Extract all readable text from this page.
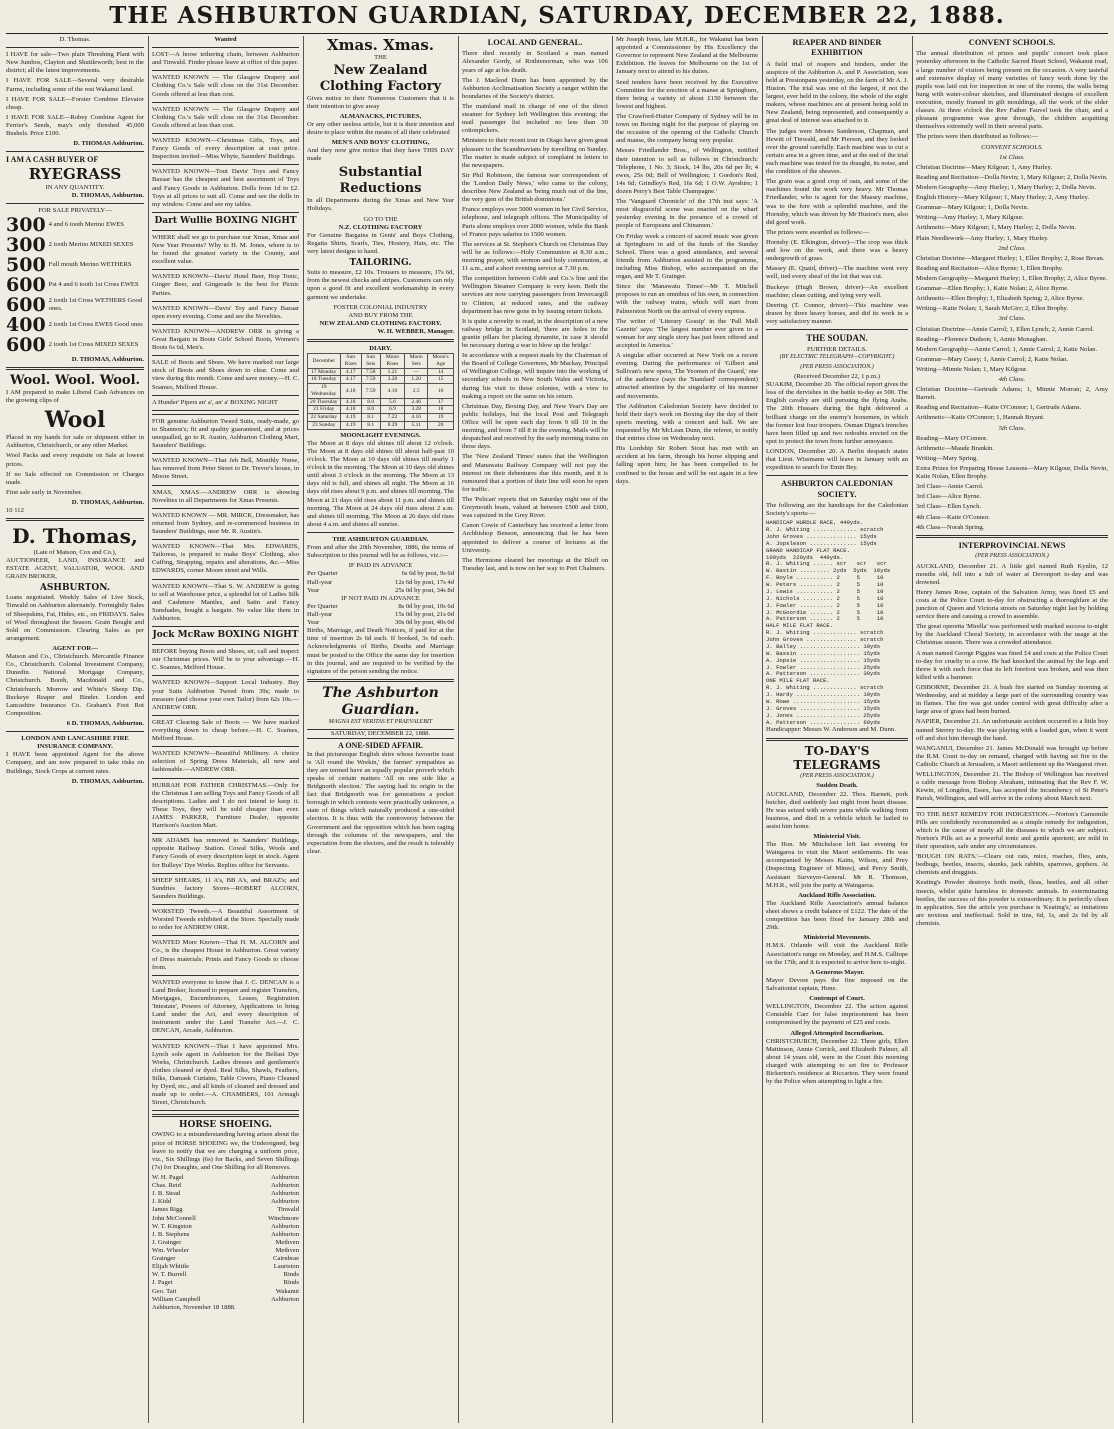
THE ASHBURTON GUARDIAN, SATURDAY, DECEMBER 22, 1888.
D. Thomas.

I HAVE for sale—Two plain Threshing Plant with New Jumbos, Clayton and Shuttleworth; best in the district; all the latest improvements.

I HAVE FOR SALE—Several very desirable Farms, including some of the rest Wakanui land.

I HAVE FOR SALE—Forster Combine Elevator cheap.

I HAVE FOR SALE—Robey Combine Agent for Ferrier's Seeds, may's only threshed 45,000 Bushels. Price £100.

D. THOMAS Ashburton.
I AM A CASH BUYER OF
RYEGRASS
IN ANY QUANTITY.
D. THOMAS, Ashburton.
FOR SALE PRIVATELY—
300 4 and 6 tooth Merino EWES
300 2 tooth Merino MIXED SEXES
500 Full mouth Merino WETHERS
600 Pst 4 and 6 tooth 1st Cross EWES
600 2 tooth 1st Cross WETHERS Good ones.
400 2 tooth 1st Cross EWES Good ones
600 2 tooth 1st Cross MIXED SEXES
D. THOMAS, Ashburton.
Wool. Wool. Wool.

I AM prepared to make Liberal Cash Advances on the growing clips of

Wool

Placed in my hands for sale or shipment either in Ashburton, Christchurch, or any other Market.

Wool Packs and every requisite on Sale at lowest prices.

If no Sale effected on Commission or Charges made.

First sale early in November.

D. THOMAS, Ashburton.
10 112
D. Thomas,
(Late of Matson, Cox and Co.),

AUCTIONEER, LAND, INSURANCE and ESTATE AGENT, VALUATOR, WOOL AND GRAIN BROKER,

ASHBURTON.

Loans negotiated. Weekly Sales of Live Stock, Tinwald on Ashburton alternately. Fortnightly Sales of Sheepskins, Fat, Hides, etc., on FRIDAYS. Sales of Wool throughout the Season. Grain Bought and Sold on Commission. Clearing Sales as per arrangement.

AGENT FOR—

Matson and Co., Christchurch. Mercantile Finance Co., Christchurch. Colonial Investment Company, Dunedin. National Mortgage Company, Christchurch. Booth, Macdonald and Co., Christchurch. Morrow and White's Sheep Dip. Buckeye Reaper and Binder. London and Lancashire Insurance Co. Graham's Foot Rot Composition.

6 D. THOMAS, Ashburton.
LONDON AND LANCASHIRE FIRE INSURANCE COMPANY.

I HAVE been appointed Agent for the above Company, and am now prepared to take risks on Buildings, Stock Crops at current rates.

D. THOMAS, Ashburton.
Wanted

LOST—A horse tethering chain, between Ashburton and Tinwald. Finder please leave at office of this paper.

WANTED KNOWN — The Glasgow Drapery and Clothing Co.'s Sale will close on the 31st December. Goods offered at less than cost.

WANTED KNOWN — The Glasgow Drapery and Clothing Co.'s Sale will close on the 31st December. Goods offered at less than cost.

WANTED KNOWN—Christmas Gifts, Toys, and Fancy Goods of every description at cost price. Inspection invited—Miss Whyte, Saunders' Buildings.

WANTED KNOWN—Tout Davis' Toys and Fancy Bazaar has the cheapest and best assortment of Toys and Fancy Goods in Ashburton. Dolls from 1d to £2. Toys at all prices to suit all. Come and see the dolls in my window. Come and see my tables.

Dart Wullie BOXING NIGHT

WHERE shall we go to purchase our Xmas, Xmas and New Year Presents? Why to H. M. Jones, where is to be found the greatest variety in the County, and excellent value.

WANTED KNOWN—Davis' Hotel Beer, Hop Tonic, Ginger Beer, and Gingerade is the best for Picnic Parties.

WANTED KNOWN—Davis' Toy and Fancy Bazaar open every evening. Come and see the Novelties.

WANTED KNOWN—ANDREW ORR is giving a Great Bargain in Boots Girls' School Boots, Women's Boots 6s 6d, Men's.

SALE of Boots and Shoes. We have marked our large stock of Boots and Shoes down to clear. Come and view during this month. Come and save money.—H. C. Soames, Melford House.

A Hunder' Pipers an' a', an' a' BOXING NIGHT

FOR genuine Ashburton Tweed Suits, ready-made, go to Shannon's; fit and quality guaranteed, and at prices unequalled, go to R. Austin, Ashburton Clothing Mart, Saunders' Buildings.

WANTED KNOWN—That Jeh Bell, Monthly Nurse, has removed from Peter Street to Dr. Trevor's house, in Moore Street.

XMAS, XMAS.—ANDREW ORR is showing Novelties in all Departments for Xmas Presents.

WANTED KNOWN — MR. MIRCK, Dressmaker, has returned from Sydney, and re-commenced business in Saunders' Buildings, near Mr. R. Austin's.

WANTED KNOWN—That Mrs. EDWARDS, Tailoress, is prepared to make Boys' Clothing, also Cuffing, Strapping, repairs and alterations, &c.—Miss EDWARDS, corner Moore street and Wills.

WANTED KNOWN—That S. W. ANDREW is going to sell at Warehouse price, a splendid lot of Ladies Silk and Cashmere Mantles, and Satin and Fancy Sunshades, bought a bargain. No value like them in Ashburton.

Jock McRaw BOXING NIGHT

BEFORE buying Boots and Shoes, sir, call and inspect our Christmas prices. Will be to your advantage.—H. C. Soames, Melford House.

WANTED KNOWN—Support Local Industry. Buy your Suits Ashburton Tweed from 39s; made to measure (and choose your own Tailor) from 62s 10s.—ANDREW ORR.

GREAT Clearing Sale of Boots — We have marked everything down to cheap before.—H. C. Soames, Melford House.

WANTED KNOWN—Beautiful Millinery. A choice selection of Spring Dress Materials, all new and fashionable.—ANDREW ORR.

HURRAH FOR FATHER CHRISTMAS.—Only for the Christmas I am selling Toys and Fancy Goods of all descriptions. Ladies and I do not intend to keep it. These Toys, they will be sold cheaper than ever. JAMES PARKER, Furniture Dealer, opposite Harrison's Auction Mart.

MR ADAMS has removed to Saunders' Buildings, opposite Railway Station. Cowal Silks, Wools and Fancy Goods of every description kept in stock. Agent for Bulleys' Dye Works. Replies office for Servants.

SHEEP SHEARS, 11 A's, BB A's, and BRAZ's; and Sundries factory Stores—ROBERT ALCORN, Saunders Buildings.

WORSTED Tweeds.—A Beautiful Assortment of Worsted Tweeds exhibited at the Store. Specially made to order for ANDREW ORR.

WANTED More Known—That H. M. ALCORN and Co., is the cheapest House in Ashburton. Great variety of Dress materials; Prints and Fancy Goods to choose from.

WANTED everyone to know that J. C. DENCAN is a Land Broker, licensed to prepare and register Transfers, Mortgages, Encumbrances, Leases, Registration 'Intestate', Powers of Attorney, Applications to bring Land under the Act, and every description of instrument under the Land Transfer Act.—J. C. DENCAN, Arcade, Ashburton.

WANTED KNOWN—That I have appointed Mrs. Lynch sole agent in Ashburton for the Belfast Dye Works, Christchurch. Ladies dresses and gentlemen's clothes cleaned or dyed. Real Silks, Shawls, Feathers, Silks, Damask Curtains, Table Covers, Piano Cleaned by Dyed, etc., and all kinds of cleaned and dressed and made up to order.—A. CHAMBERS, 101 Armagh Street, Christchurch.

HORSE SHOEING.

OWING to a misunderstanding having arisen about the price of HORSE SHOEING we, the Undersigned, beg leave to notify that we are charging a uniform price, viz., Six Shillings (6s) for Backs, and Seven Shillings (7s) for Draughts, and One Shilling for all Removes.

W. H. Pagel	Ashburton
Chas. Reid	Ashburton
J. B. Stead	Ashburton
J. Kidd	Ashburton
James Rigg	Tinwald
John McConnell	Winchmore
W. T. Kingston	Ashburton
J. B. Stephens	Ashburton
J. Grainger	Methven
Wm. Wheeler	Methven
Grainger	Cairnbrae
Elijah Whittle	Lauriston
W. T. Burrell	Rinds
J. Paget	Rinds
Geo. Tait	Wakanui
William Campbell	Ashburton
Ashburton, November 18 1888.
Xmas. Xmas.
THE
New Zealand Clothing Factory

Gives notice to their Numerous Customers that it is their intention to give away

ALMANACKS, PICTURES,

Or any other useless article, but it is their intention and desire to place within the means of all their celebrated

MEN'S AND BOYS' CLOTHING,

And they now give notice that they have THIS DAY made

Substantial Reductions

In all Departments during the Xmas and New Year Holidays.

GO TO THE
N.Z. CLOTHING FACTORY

For Genuine Bargains in Gents' and Boys Clothing, Regatta Shirts, Scarfs, Ties, Hosiery, Hats, etc. The very latest designs to hand.

TAILORING.

Suits to measure, £2 10s. Trousers to measure, 17s 6d, from the newest checks and stripes. Customers can rely upon a good fit and excellent workmanship in every garment we undertake.

FOSTER COLONIAL INDUSTRY
AND BUY FROM THE
NEW ZEALAND CLOTHING FACTORY.
W. H. WEBBER, Manager.
DIARY.
December	Sun Rises	Sun Sets	Moon Rises	Moon Sets	Moon's Age
17 Monday	4.17	7.58	1.21	—	14
18 Tuesday	4.17	7.59	3.20	1.20	15
19 Wednesday	4.18	7.59	4.10	2.5	16
20 Thursday	4.18	8.0	5.6	2.46	17
21 Friday	4.18	8.0	6.9	3.28	18
22 Saturday	4.19	8.1	7.22	4.16	19
23 Sunday	4.19	8.1	8.29	5.11	20
MOONLIGHT EVENINGS.

The Moon at 8 days old shines till about 12 o'clock. The Moon at 8 days old shines till about half-past 10 o'clock. The Moon at 10 days old shines till nearly 1 o'clock in the morning. The Moon at 10 days old shines until about 3 o'clock in the morning. The Moon at 13 days old is full, and shines all night. The Moon at 16 days old rises about 9 p.m. and shines till morning. The Moon at 21 days old rises about 11 p.m. and shines till morning. The Moon at 24 days old rises about 2 a.m. and shines till morning. The Moon at 26 days old rises about 4 a.m. and shines all sunrise.

THE ASHBURTON GUARDIAN.

From and after the 20th November, 1886, the terms of Subscription to this journal will be as follows, viz.:—

IF PAID IN ADVANCE
Per Quarter	6s 6d by post, 9s 6d
Half-year	12s 6d by post, 17s 4d
Year	25s 0d by post, 34s 8d
IF NOT PAID IN ADVANCE
Per Quarter	8s 0d by post, 10s 6d
Half-year	15s 0d by post, 21s 0d
Year	30s 0d by post, 40s 0d

Births, Marriage, and Death Notices, if paid for at the time of insertion 2s 6d each. If booked, 3s 6d each. Acknowledgments of Births, Deaths and Marriage must be posted to the Office the same day for insertion in this journal, and are required to be verified by the signature of the person sending the notice.

The Ashburton Guardian.
MAGNA EST VERITAS ET PRAEVALEBIT
SATURDAY, DECEMBER 22, 1888.
A ONE-SIDED AFFAIR.

In that picturesque English shire whose favourite toast is 'All round the Wrekin,' the farmer' sympathies as they are termed have an equally popular proverb which speaks of certain matters 'All on one side like a Bridgnorth election.' The saying had its origin in the fact that Bridgnorth was for generations a pocket borough in which contests were practically unknown, a state of things which naturally produced a one-sided election. It is thus with the controversy between the Government and the opposition which has been raging through the columns of the newspapers, and the expectation from the electors, and the result is tolerably clear.

LOCAL AND GENERAL.

There died recently in Scotland a man named Alexander Gordy, of Rothienorman, who was 106 years of age at his death.

The J. Macleod Dunn has been appointed by the Ashburton Acclimatisation Society a ranger within the boundaries of the Society's district.

The mainland mail in charge of one of the direct steamer for Sydney left Wellington this evening; the mail passenger list included no less than 30 cottonpickers.

Ministers to their recent tour in Otago have given great pleasure to the Scandinavians by travelling on Sunday. The matter is made subject of complaint in letters to the newspapers.

Sir Phil Robinson, the famous war correspondent of the 'London Daily News,' who came to the colony, describes New Zealand as 'being much out of the line, the very gem of the British dominions.'

France employs over 5000 women in her Civil Service, telephone, and telegraph offices. The Municipality of Paris alone employs over 2000 women, while the Bank of France pays salaries to 1500 women.

The services at St. Stephen's Church on Christmas Day will be as follows:—Holy Communion at 8.30 a.m.; morning prayer, with sermon and holy communion, at 11 a.m., and a short evening service at 7.30 p.m.

The competition between Cobb and Co.'s line and the Wellington Steamer Company is very keen. Both the services are now carrying passengers from Invercargill to Clinton, at reduced rates, and the railway department has now gone in by issuing return tickets.

It is quite a novelty to read, in the description of a new railway bridge in Scotland, 'there are holes in the granite pillars for placing dynamite, in case it should be necessary during a war to blow up the bridge.'

In accordance with a request made by the Chairman of the Board of College Governors, Mr Mackay, Principal of Wellington College, will inquire into the working of secondary schools in New South Wales and Victoria, during his visit to those colonies, with a view to making a report on the same on his return.

Christmas Day, Boxing Day, and New Year's Day are public holidays, but the local Post and Telegraph Office will be open each day from 9 till 10 in the morning, and from 7 till 8 in the evening. Mails will be despatched and received by the early morning trains on those days.

The 'New Zealand Times' states that the Wellington and Manawatu Railway Company will not pay the interest on their debentures due this month, and it is rumoured that a portion of their line will soon be open for traffic.

The 'Pelican' reports that on Saturday night one of the Greymouth boats, valued at between £500 and £600, was capsized in the Grey River.

Canon Cowie of Canterbury has received a letter from Archbishop Benson, announcing that he has been appointed to deliver a course of lectures at the University.

The Hermione cleared her moorings at the Bluff on Tuesday last, and is now on her way to Port Chalmers.

Mr Joseph Ivess, late M.H.R., for Wakanui has been appointed a Commissioner by His Excellency the Governor to represent New Zealand at the Melbourne Exhibition. He leaves for Melbourne on the 1st of January next to attend to his duties.

Seed tenders have been received by the Executive Committee for the erection of a manse at Springburn, there being a variety of about £150 between the lowest and highest.

The Crawford-Hutter Company of Sydney will be in town on Boxing night for the purpose of playing on the occasion of the opening of the Catholic Church and manse, the company being very popular.

Messrs Friedlander Bros., of Wellington, notified their intention to sell as follows in Christchurch: 'Telephone, 1 No. 3; Stock, 14 lbs, 20s 6d per lb; 4 ewes, 25s 0d; Bell of Wellington; 1 Gordon's Red, 14s 6d; Grindley's Red, 16s 6d; 1 O.W. Ayrshire; 1 dozen Perry's Best Table Champagne.'

The 'Vanguard Chronicle' of the 17th inst says: 'A most disgraceful scene was enacted on the wharf yesterday evening in the presence of a crowd of people of Europeans and Chinamen.'

On Friday week a concert of sacred music was given at Springburn in aid of the funds of the Sunday School. There was a good attendance, and several friends from Ashburton assisted in the programme, including Miss Bishop, who accompanied on the organ, and Mr T. Grainger.

Since the 'Manawatu Times'—Mr T. Mitchell proposes to run an omnibus of his own, in connection with the railway trains, which will start from Palmerston North on the arrival of every express.

The writer of 'Literary Gossip' in the 'Pall Mall Gazette' says: 'The largest number ever given to a woman for any single story has just been offered and accepted in America.'

A singular affair occurred at New York on a recent evening. During the performance of 'Gilbert and Sullivan's new opera, The Yeomen of the Guard,' one of the audience (says the 'Standard' correspondent) attracted attention by the singularity of his manner and movements.

The Ashburton Caledonian Society have decided to hold their day's work on Boxing day the day of their sports meeting, with a concert and ball. We are requested by Mr McLean Dunn, the referee, to notify that entries close on Wednesday next.

His Lordship Sir Robert Stout has met with an accident at his farm, through his horse slipping and falling upon him; he has been compelled to be confined to the house and will be out again in a few days.

REAPER AND BINDER EXHIBITION

A field trial of reapers and binders, under the auspices of the Ashburton A. and P. Association, was held at Prestonpans yesterday, on the farm of Mr A. J. Huston. The trial was one of the largest, if not the largest, ever held in the colony, the whole of the eight makers, whose machines are at present being sold in New Zealand, being represented, and consequently a great deal of interest was attached to it.

The judges were Messrs Sanderson, Chapman, and Hewitt of Tinwald, and Mr Pierson, and they looked over the ground carefully. Each machine was to cut a certain area in a given time, and at the end of the trial each machine was tested for its draught, its noise, and the condition of the sheaves.

The grain was a good crop of oats, and some of the machines found the work very heavy. Mr Thomas Friedlander, who is agent for the Massey machine, was to the fore with a splendid machine, and the Hornsby, which was driven by Mr Huston's men, also did good work.

The prizes were awarded as follows:—

Hornsby (E. Elkington, driver)—The crop was thick and low on the work, and there was a heavy undergrowth of grass.

Massey (E. Quaid, driver)—The machine went very well, tied every sheaf of the lot that was cut.

Buckeye (Hugh Brown, driver)—An excellent machine; clean cutting, and tying very well.

Deering (T. Connor, driver)—This machine was drawn by three heavy horses, and did its work in a very satisfactory manner.

THE SOUDAN.
FURTHER DETAILS.
(BY ELECTRIC TELEGRAPH—COPYRIGHT.)
(PER PRESS ASSOCIATION.)
(Received December 22, 1 p.m.)

SUAKIM, December 20. The official report gives the loss of the dervishes in the battle to-day as 500. The English cavalry are still pursuing the flying Arabs. The 20th Hussars during the fight delivered a brilliant charge on the enemy's horsemen, in which the former lost four troopers. Osman Digna's trenches have been filled up and two redoubts erected on the spot to protect the town from further annoyance.

LONDON, December 20. A Berlin despatch states that Lieut. Wissmann will leave in January with an expedition to search for Emin Bey.

ASHBURTON CALEDONIAN SOCIETY.

The following are the handicaps for the Caledonian Society's sports:—

HANDICAP HURDLE RACE, 440yds.
R. J. Whiting ............. scratch
John Groves ............... 15yds
A. Jopsleson .............. 15yds
GRAND HANDICAP FLAT RACE.
100yds  220yds  440yds.
R. J. Whiting ...... scr   scr   scr
W. Bastin ......... 2yds  5yds  10yds
F. Boyle ........... 2     5     10
W. Peters .......... 2     5     10
J. Lewis ........... 2     5     10
J. Nichols ......... 2     5     10
J. Fowler .......... 2     5     10
J. McGoordie ....... 2     5     10
A. Patterson ....... 2     5     10
HALF MILE FLAT RACE.
R. J. Whiting ............. scratch
John Groves ............... scratch
J. Balley .................. 10yds
W. Bassin .................. 15yds
A. Jopsie .................. 15yds
J. Fowler .................. 25yds
A. Patterson ............... 30yds
ONE MILE FLAT RACE.
R. J. Whiting ............. scratch
J. Hardy ................... 10yds
W. Rowe .................... 15yds
J. Groves .................. 15yds
J. Jones ................... 25yds
A. Patterson ............... 60yds

Handicapper: Messrs W. Anderson and M. Dunn.

TO-DAY'S TELEGRAMS
(PER PRESS ASSOCIATION.)
Sudden Death.

AUCKLAND, December 22. Thos. Barnett, pork butcher, died suddenly last night from heart disease. He was seized with severe pains while walking from business, and died in a vehicle which he hailed to assist him home.

Ministerial Visit.

The Hon. Mr Mitchelson left last evening for Waingaroa to visit the Maori settlements. He was accompanied by Messrs Kains, Wilson, and Prey (Inspecting Engineer of Mines), and Percy Smith, Assistant Surveyor-General. Mr R. Thomson, M.H.R., will join the party at Waingaroa.

Auckland Rifle Association.

The Auckland Rifle Association's annual balance sheet shows a credit balance of £122. The date of the competition has been fixed for January 28th and 29th.

Ministerial Movements.

H.M.S. Orlando will visit the Auckland Rifle Association's range on Monday, and H.M.S. Calliope on the 17th, and it is expected to arrive here to-night.

A Generous Mayor.

Mayor Devore pays the fine imposed on the Salvationist captain, Hone.

Contempt of Court.

WELLINGTON, December 22. The action against Constable Carr for false imprisonment has been compromised by the payment of £25 and costs.

Alleged Attempted Incendiarism.

CHRISTCHURCH, December 22. Three girls, Ellen Mattinson, Annie Corrick, and Elizabeth Palmer, all about 14 years old, were in the Court this morning charged with attempting to set fire to Professor Bickerton's residence at Riccarton. They were found by the Police when attempting to light a fire.

CONVENT SCHOOLS.

The annual distribution of prizes and pupils' concert took place yesterday afternoon in the Catholic Sacred Heart School, Wakanui road, a large number of visitors being present on the occasion. A very tasteful and extensive display of many varieties of fancy work done by the pupils was laid out for inspection in one of the rooms, the walls being hung with water-colour sketches, and illuminated designs of excellent execution, mostly framed in gilt mouldings, all the work of the elder classes. At three o'clock the Rev Father Fauvel took the chair, and a pleasant programme was gone through, the children acquitting themselves extremely well in their several parts.

The prizes were then distributed as follows:—

CONVENT SCHOOLS.

1st Class.

Christian Doctrine—Mary Kilgour; 1, Amy Hurley.

Reading and Recitation—Dolla Nevin; 1, Mary Kilgour; 2, Dolla Nevin.

Modern Geography—Amy Hurley; 1, Mary Hurley; 2, Dolla Nevin.

English History—Mary Kilgour; 1, Mary Hurley; 2, Amy Hurley.

Grammar—Mary Kilgour; 1, Dolla Nevin.

Writing—Amy Hurley; 1, Mary Kilgour.

Arithmetic—Mary Kilgour; 1, Mary Hurley; 2, Dolla Nevin.

Plain Needlework—Amy Hurley; 1, Mary Hurley.

2nd Class.

Christian Doctrine—Margaret Hurley; 1, Ellen Brophy; 2, Rose Bevan.

Reading and Recitation—Alice Byrne; 1, Ellen Brophy.

Modern Geography—Margaret Hurley; 1, Ellen Brophy; 2, Alice Byrne.

Grammar—Ellen Brophy; 1, Katie Nolan; 2, Alice Byrne.

Arithmetic—Ellen Brophy; 1, Elizabeth Spring; 2, Alice Byrne.

Writing—Katie Nolan; 1, Sarah McGirr; 2, Ellen Brophy.

3rd Class.

Christian Doctrine—Annie Carrol; 1, Ellen Lynch; 2, Annie Carrol.

Reading—Florence Dudson; 1, Annie Monaghan.

Modern Geography—Annie Carrol; 1, Annie Carrol; 2, Katie Nolan.

Grammar—Mary Casey; 1, Annie Carrol; 2, Katie Nolan.

Writing—Minnie Nolan; 1, Mary Kilgour.

4th Class.

Christian Doctrine—Gertrude Adams; 1, Minnie Morran; 2, Amy Barrett.

Reading and Recitation—Katie O'Connor; 1, Gertrude Adams.

Arithmetic—Katie O'Connor; 1, Hannah Bryant.

5th Class.

Reading—Mary O'Connor.

Arithmetic—Maude Brankin.

Writing—Mary Spring.

Extra Prizes for Preparing House Lessons—Mary Kilgour, Dolla Nevin, Katie Nolan, Ellen Brophy.

3rd Class—Annie Carrol.

3rd Class—Alice Byrne.

3rd Class—Ellen Lynch.

4th Class—Katie O'Connor.

4th Class—Norah Spring.

INTERPROVINCIAL NEWS
(PER PRESS ASSOCIATION.)

AUCKLAND, December 21. A little girl named Ruth Kynlin, 12 months old, fell into a tub of water at Devonport to-day and was drowned.

Henry James Rose, captain of the Salvation Army, was fined £5 and costs at the Police Court to-day for obstructing a thoroughfare at the junction of Queen and Victoria streets on Saturday night last by holding service there and causing a crowd to assemble.

The great operetta 'Mirella' was performed with marked success to-night by the Auckland Choral Society, in accordance with the usage at the Christmas season. There was a crowded attendance.

A man named George Piggins was fined £4 and costs at the Police Court to-day for cruelty to a cow. He had knocked the animal by the legs and threw it with such force that its left forefoot was broken, and was then killed with a hammer.

GISBORNE, December 21. A bush fire started on Sunday morning at Wednesday, and at midday a large part of the surrounding country was in flames. The fire was got under control with great difficulty after a large area of grass had been burned.

NAPIER, December 21. An unfortunate accident occurred to a little boy named Sterrey to-day. He was playing with a loaded gun, when it went off and shot him through the hand.

WANGANUI, December 21. James McDonald was brought up before the R.M. Court to-day on remand, charged with having set fire to the Catholic Church at Jerusalem, a Maori settlement up the Wanganui river.

WELLINGTON, December 21. The Bishop of Wellington has received a cable message from Bishop Abraham, intimating that the Rev F. W. Kewin, of Longdon, Essex, has accepted the incumbency of St Peter's Parish, Wellington, and will arrive in the colony about March next.

TO THE BEST REMEDY FOR INDIGESTION.—Norton's Camomile Pills are confidently recommended as a simple remedy for indigestion, which is the cause of nearly all the diseases to which we are subject. Norton's Pills act as a powerful tonic and gentle aperient; are mild in their operation, safe under any circumstances.

'BOUGH ON RATS.'—Clears out rats, mice, roaches, flies, ants, bedbugs, beetles, insects, skunks, jack rabbits, sparrows, gophers. At chemists and druggists.

Keating's Powder destroys both moth, fleas, beetles, and all other insects, whilst quite harmless to domestic animals. In exterminating beetles, the success of this powder is extraordinary. It is perfectly clean in application. See the article you purchase is 'Keating's,' as imitations are noxious and ineffectual. Sold in tins, 6d, 1s, and 2s 6d by all chemists.
